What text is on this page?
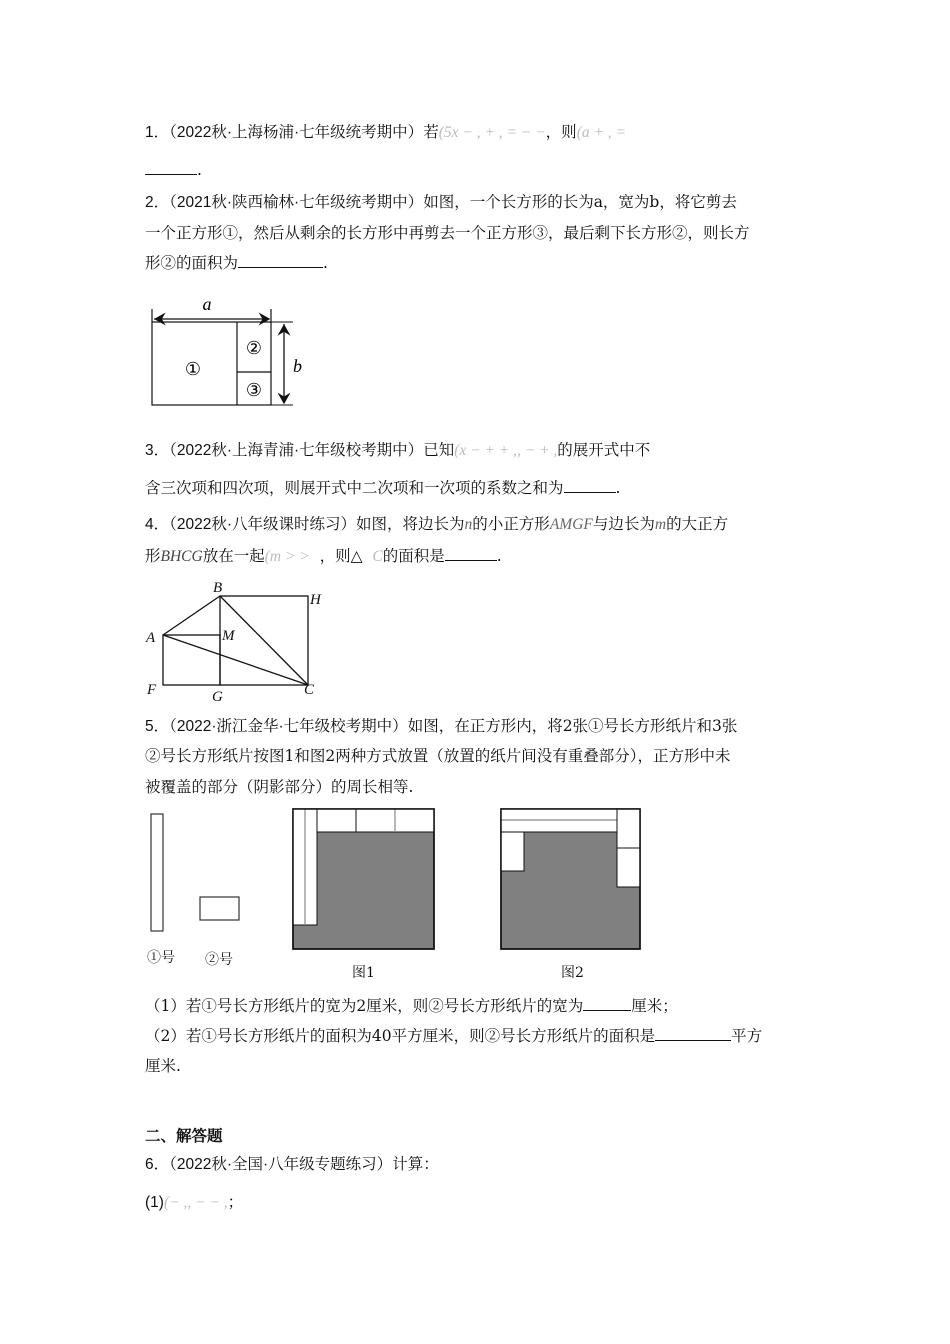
1．（2022秋·上海杨浦·七年级统考期中）若(5x − , + , = − −，则(a + , =
.
2．（2021秋·陕西榆林·七年级统考期中）如图，一个长方形的长为a，宽为b，将它剪去
一个正方形①，然后从剩余的长方形中再剪去一个正方形③，最后剩下长方形②，则长方
形②的面积为	.
a
b
①
②
③
3．（2022秋·上海青浦·七年级校考期中）已知(x − + + ,, − + ,的展开式中不
含三次项和四次项，则展开式中二次项和一次项的系数之和为	.
4．（2022秋·八年级课时练习）如图，将边长为n的小正方形AMGF与边长为m的大正方
形BHCG放在一起(m > > ，则△ C的面积是	.
A
B
H
M
F	G	C
5．（2022·浙江金华·七年级校考期中）如图，在正方形内，将2张①号长方形纸片和3张
②号长方形纸片按图1和图2两种方式放置（放置的纸片间没有重叠部分），正方形中未
被覆盖的部分（阴影部分）的周长相等.
①号 ②号
图1	图2
（1）若①号长方形纸片的宽为2厘米，则②号长方形纸片的宽为	厘米；
（2）若①号长方形纸片的面积为40平方厘米，则②号长方形纸片的面积是	平方
厘米.
二、解答题
6．（2022秋·全国·八年级专题练习）计算：
(1)(− ,, − − ,；
